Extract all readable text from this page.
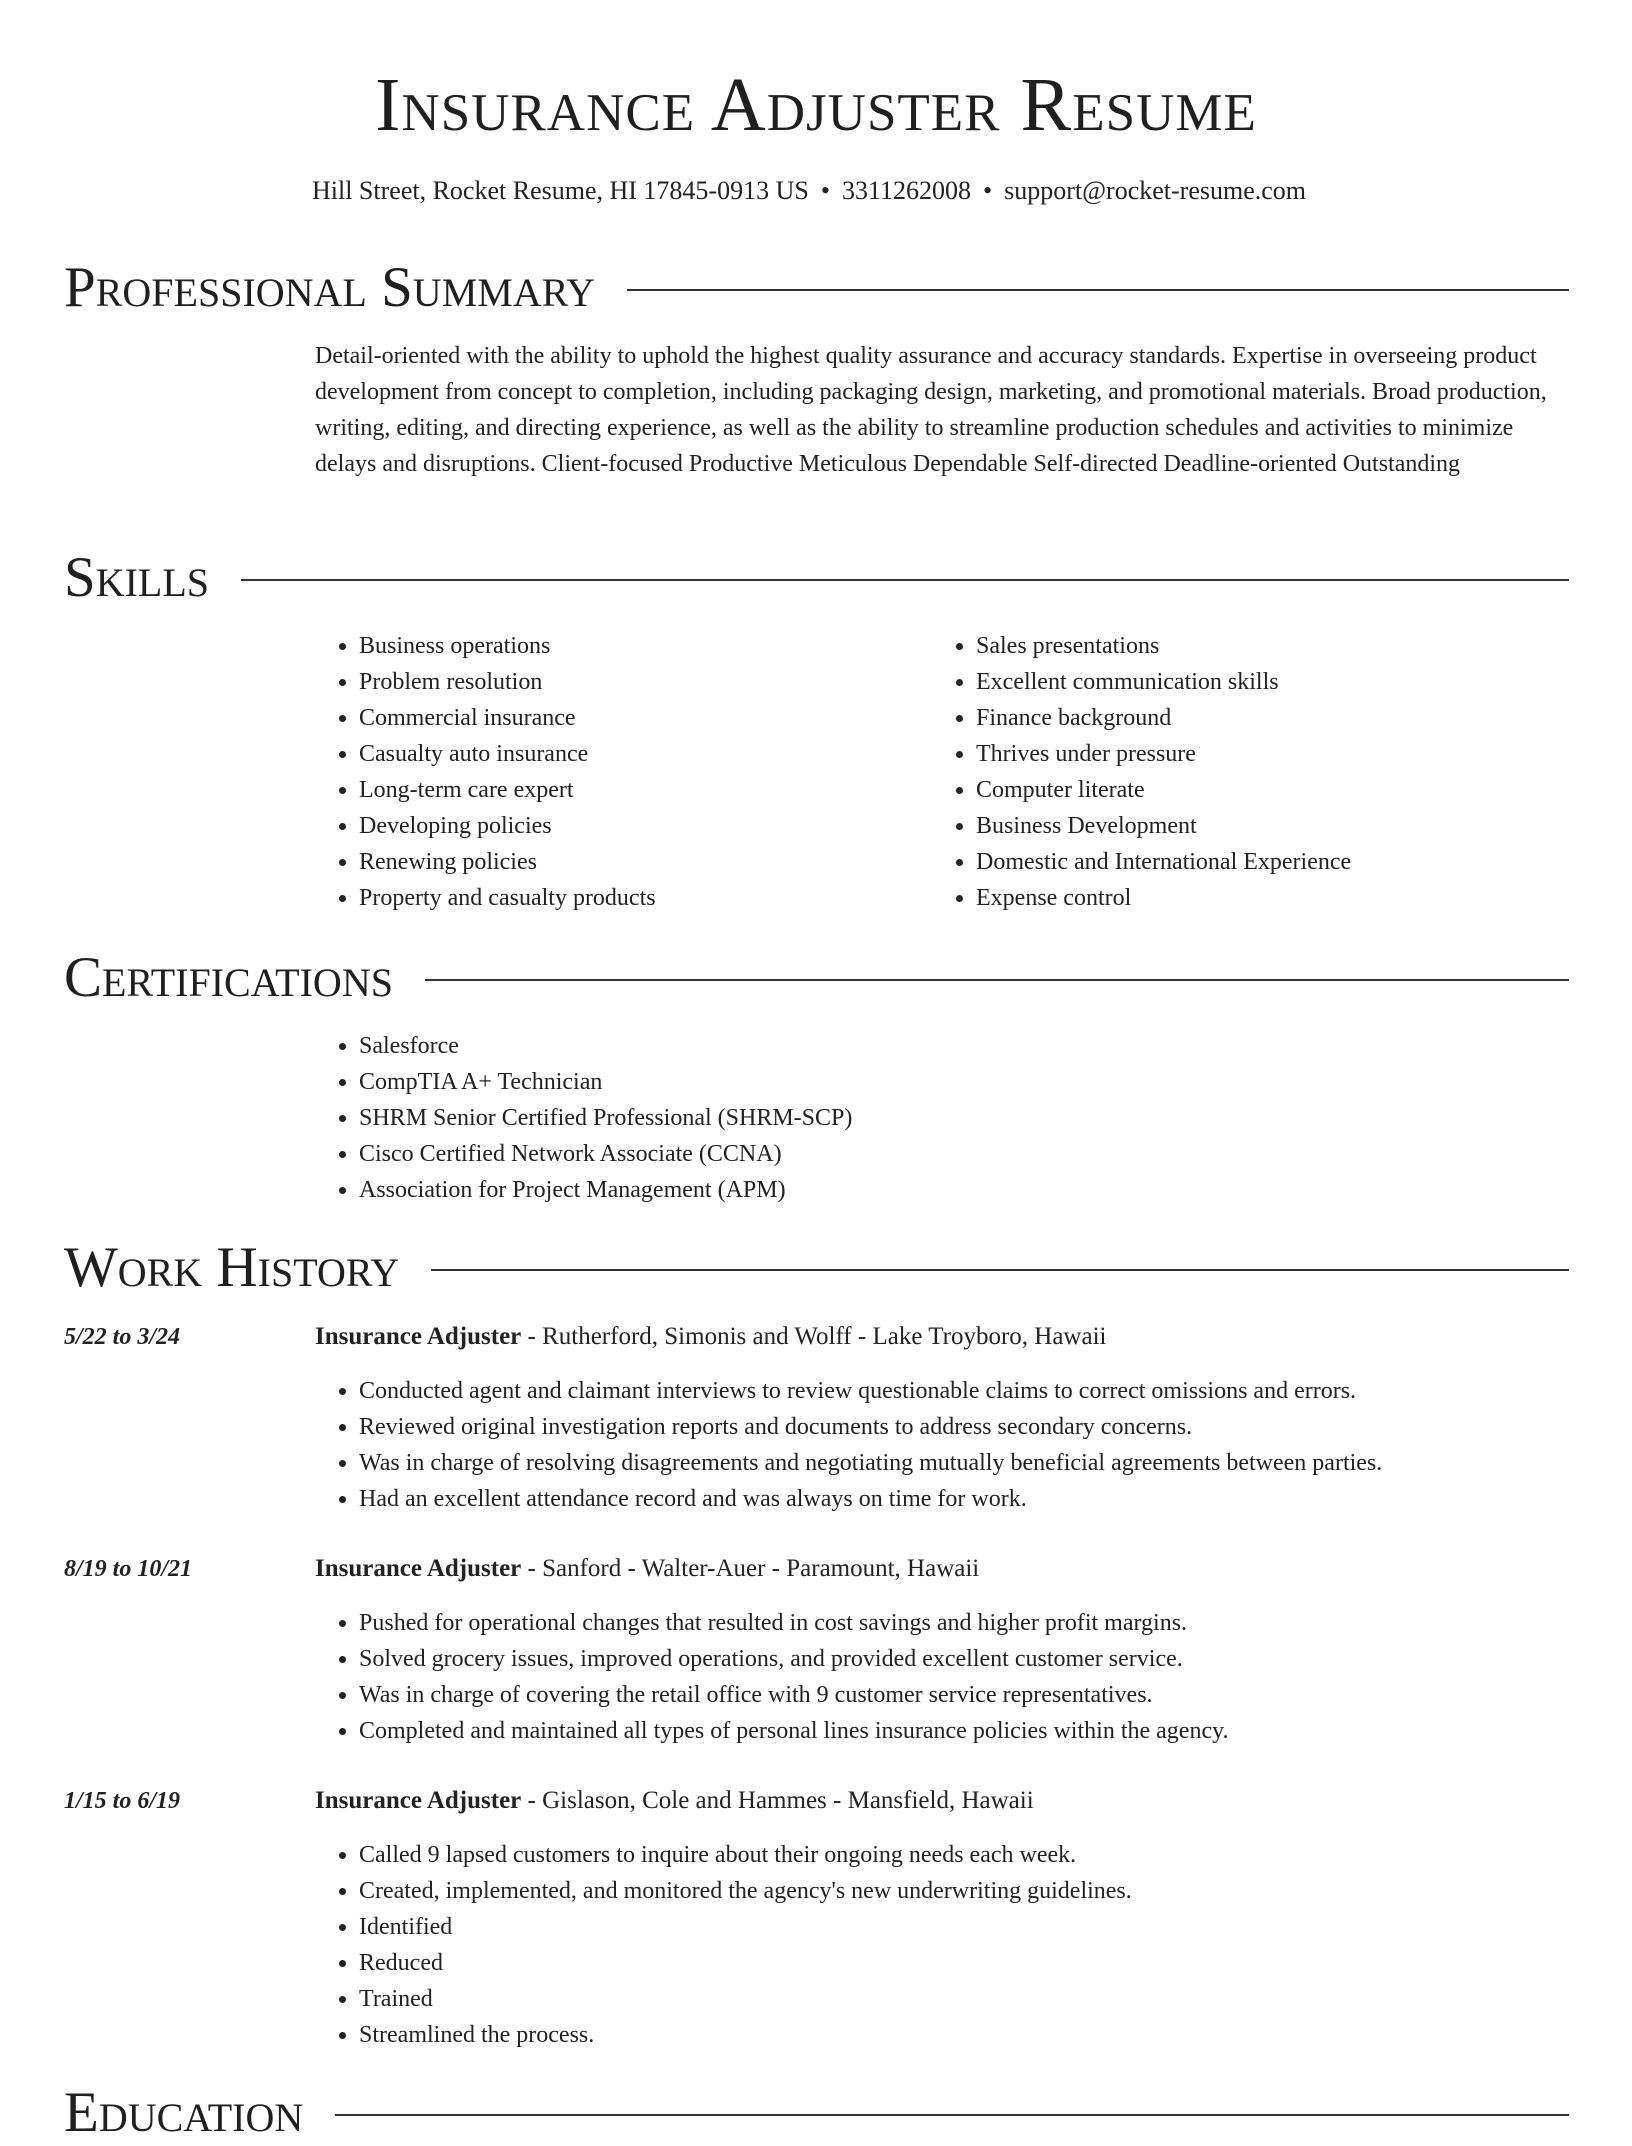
Insurance Adjuster Resume
Hill Street, Rocket Resume, HI 17845-0913 US • 3311262008 • support@rocket-resume.com
Professional Summary

Detail-oriented with the ability to uphold the highest quality assurance and accuracy standards. Expertise in overseeing product development from concept to completion, including packaging design, marketing, and promotional materials. Broad production, writing, editing, and directing experience, as well as the ability to streamline production schedules and activities to minimize delays and disruptions. Client-focused Productive Meticulous Dependable Self-directed Deadline-oriented Outstanding

Skills
• Business operations
• Problem resolution
• Commercial insurance
• Casualty auto insurance
• Long-term care expert
• Developing policies
• Renewing policies
• Property and casualty products
• Sales presentations
• Excellent communication skills
• Finance background
• Thrives under pressure
• Computer literate
• Business Development
• Domestic and International Experience
• Expense control
Certifications
• Salesforce
• CompTIA A+ Technician
• SHRM Senior Certified Professional (SHRM-SCP)
• Cisco Certified Network Associate (CCNA)
• Association for Project Management (APM)
Work History
5/22 to 3/24	Insurance Adjuster - Rutherford, Simonis and Wolff - Lake Troyboro, Hawaii
• Conducted agent and claimant interviews to review questionable claims to correct omissions and errors.
• Reviewed original investigation reports and documents to address secondary concerns.
• Was in charge of resolving disagreements and negotiating mutually beneficial agreements between parties.
• Had an excellent attendance record and was always on time for work.
8/19 to 10/21	Insurance Adjuster - Sanford - Walter-Auer - Paramount, Hawaii
• Pushed for operational changes that resulted in cost savings and higher profit margins.
• Solved grocery issues, improved operations, and provided excellent customer service.
• Was in charge of covering the retail office with 9 customer service representatives.
• Completed and maintained all types of personal lines insurance policies within the agency.
1/15 to 6/19	Insurance Adjuster - Gislason, Cole and Hammes - Mansfield, Hawaii
• Called 9 lapsed customers to inquire about their ongoing needs each week.
• Created, implemented, and monitored the agency's new underwriting guidelines.
• Identified
• Reduced
• Trained
• Streamlined the process.
Education
